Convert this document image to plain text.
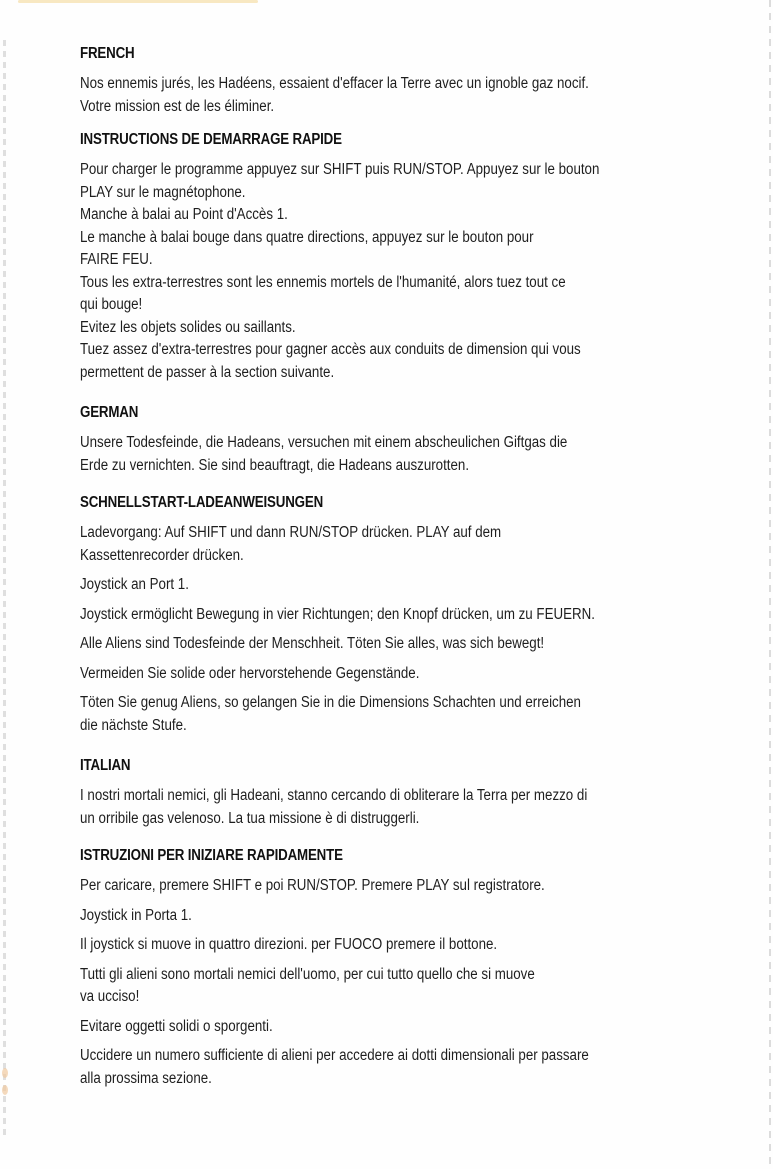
FRENCH

Nos ennemis jurés, les Hadéens, essaient d'effacer la Terre avec un ignoble gaz nocif.

Votre mission est de les éliminer.

INSTRUCTIONS DE DEMARRAGE RAPIDE

Pour charger le programme appuyez sur SHIFT puis RUN/STOP. Appuyez sur le bouton

PLAY sur le magnétophone.

Manche à balai au Point d'Accès 1.

Le manche à balai bouge dans quatre directions, appuyez sur le bouton pour

FAIRE FEU.

Tous les extra-terrestres sont les ennemis mortels de l'humanité, alors tuez tout ce

qui bouge!

Evitez les objets solides ou saillants.

Tuez assez d'extra-terrestres pour gagner accès aux conduits de dimension qui vous

permettent de passer à la section suivante.

GERMAN

Unsere Todesfeinde, die Hadeans, versuchen mit einem abscheulichen Giftgas die
Erde zu vernichten. Sie sind beauftragt, die Hadeans auszurotten.

SCHNELLSTART-LADEANWEISUNGEN

Ladevorgang: Auf SHIFT und dann RUN/STOP drücken. PLAY auf dem
Kassettenrecorder drücken.

Joystick an Port 1.

Joystick ermöglicht Bewegung in vier Richtungen; den Knopf drücken, um zu FEUERN.

Alle Aliens sind Todesfeinde der Menschheit. Töten Sie alles, was sich bewegt!

Vermeiden Sie solide oder hervorstehende Gegenstände.

Töten Sie genug Aliens, so gelangen Sie in die Dimensions Schachten und erreichen
die nächste Stufe.

ITALIAN

I nostri mortali nemici, gli Hadeani, stanno cercando di obliterare la Terra per mezzo di
un orribile gas velenoso. La tua missione è di distruggerli.

ISTRUZIONI PER INIZIARE RAPIDAMENTE

Per caricare, premere SHIFT e poi RUN/STOP. Premere PLAY sul registratore.

Joystick in Porta 1.

Il joystick si muove in quattro direzioni. per FUOCO premere il bottone.

Tutti gli alieni sono mortali nemici dell'uomo, per cui tutto quello che si muove
va ucciso!

Evitare oggetti solidi o sporgenti.

Uccidere un numero sufficiente di alieni per accedere ai dotti dimensionali per passare
alla prossima sezione.
